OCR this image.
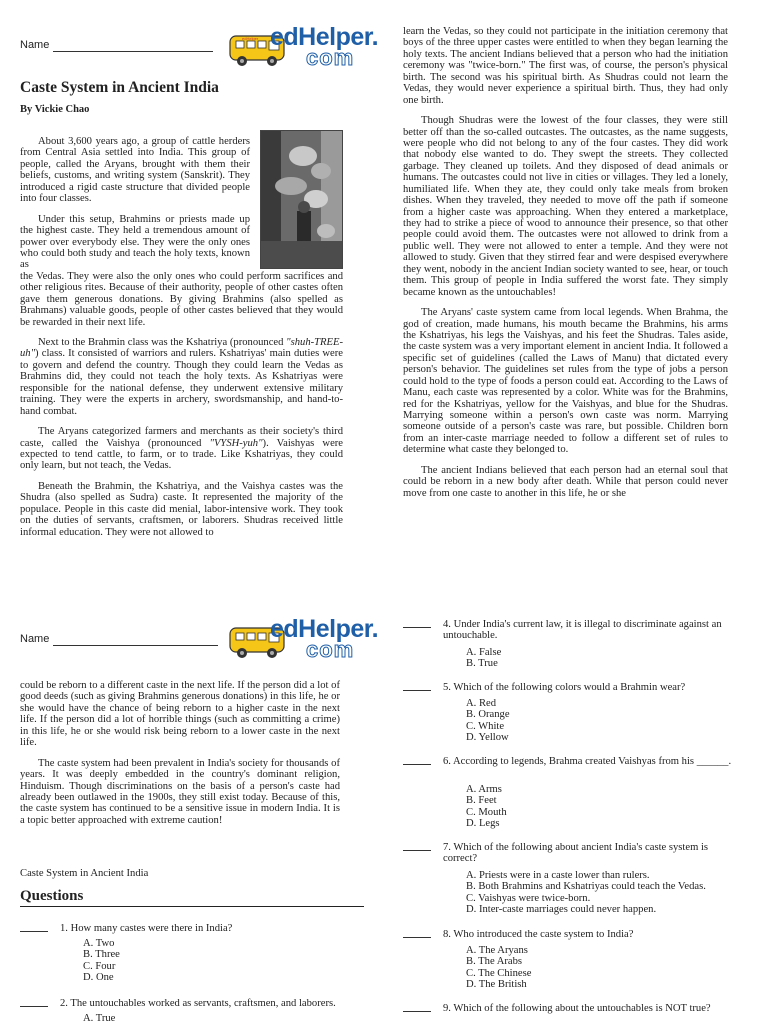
Name
edHelper edHelper.
com
Caste System in Ancient India
By Vickie Chao

About 3,600 years ago, a group of cattle herders from Central Asia settled into India. This group of people, called the Aryans, brought with them their beliefs, customs, and writing system (Sanskrit). They introduced a rigid caste structure that divided people into four classes.

Under this setup, Brahmins or priests made up the highest caste. They held a tremendous amount of power over everybody else. They were the only ones who could both study and teach the holy texts, known as

the Vedas. They were also the only ones who could perform sacrifices and other religious rites. Because of their authority, people of other castes often gave them generous donations. By giving Brahmins (also spelled as Brahmans) valuable goods, people of other castes believed that they would be rewarded in their next life.

Next to the Brahmin class was the Kshatriya (pronounced "shuh-TREE-uh") class. It consisted of warriors and rulers. Kshatriyas' main duties were to govern and defend the country. Though they could learn the Vedas as Brahmins did, they could not teach the holy texts. As Kshatriyas were responsible for the national defense, they underwent extensive military training. They were the experts in archery, swordsmanship, and hand-to-hand combat.

The Aryans categorized farmers and merchants as their society's third caste, called the Vaishya (pronounced "VYSH-yuh"). Vaishyas were expected to tend cattle, to farm, or to trade. Like Kshatriyas, they could only learn, but not teach, the Vedas.

Beneath the Brahmin, the Kshatriya, and the Vaishya castes was the Shudra (also spelled as Sudra) caste. It represented the majority of the populace. People in this caste did menial, labor-intensive work. They took on the duties of servants, craftsmen, or laborers. Shudras received little informal education. They were not allowed to

learn the Vedas, so they could not participate in the initiation ceremony that boys of the three upper castes were entitled to when they began learning the holy texts. The ancient Indians believed that a person who had the initiation ceremony was "twice-born." The first was, of course, the person's physical birth. The second was his spiritual birth. As Shudras could not learn the Vedas, they would never experience a spiritual birth. Thus, they had only one birth.

Though Shudras were the lowest of the four classes, they were still better off than the so-called outcastes. The outcastes, as the name suggests, were people who did not belong to any of the four castes. They did work that nobody else wanted to do. They swept the streets. They collected garbage. They cleaned up toilets. And they disposed of dead animals or humans. The outcastes could not live in cities or villages. They led a lonely, humiliated life. When they ate, they could only take meals from broken dishes. When they traveled, they needed to move off the path if someone from a higher caste was approaching. When they entered a marketplace, they had to strike a piece of wood to announce their presence, so that other people could avoid them. The outcastes were not allowed to drink from a public well. They were not allowed to enter a temple. And they were not allowed to study. Given that they stirred fear and were despised everywhere they went, nobody in the ancient Indian society wanted to see, hear, or touch them. This group of people in India suffered the worst fate. They simply became known as the untouchables!

The Aryans' caste system came from local legends. When Brahma, the god of creation, made humans, his mouth became the Brahmins, his arms the Kshatriyas, his legs the Vaishyas, and his feet the Shudras. Tales aside, the caste system was a very important element in ancient India. It followed a specific set of guidelines (called the Laws of Manu) that dictated every person's behavior. The guidelines set rules from the type of jobs a person could hold to the type of foods a person could eat. According to the Laws of Manu, each caste was represented by a color. White was for the Brahmins, red for the Kshatriyas, yellow for the Vaishyas, and blue for the Shudras. Marrying someone within a person's own caste was norm. Marrying someone outside of a person's caste was rare, but possible. Children born from an inter-caste marriage needed to follow a different set of rules to determine what caste they belonged to.

The ancient Indians believed that each person had an eternal soul that could be reborn in a new body after death. While that person could never move from one caste to another in this life, he or she

Name	edHelper.
com

could be reborn to a different caste in the next life. If the person did a lot of good deeds (such as giving Brahmins generous donations) in this life, he or she would have the chance of being reborn to a higher caste in the next life. If the person did a lot of horrible things (such as committing a crime) in this life, he or she would risk being reborn to a lower caste in the next life.

The caste system had been prevalent in India's society for thousands of years. It was deeply embedded in the country's dominant religion, Hinduism. Though discriminations on the basis of a person's caste had already been outlawed in the 1900s, they still exist today. Because of this, the caste system has continued to be a sensitive issue in modern India. It is a topic better approached with extreme caution!

Caste System in Ancient India
Questions
1. How many castes were there in India?
A. Two
B. Three
C. Four
D. One
2. The untouchables worked as servants, craftsmen, and laborers.
A. True
4. Under India's current law, it is illegal to discriminate against an untouchable.
A. False
B. True
5. Which of the following colors would a Brahmin wear?
A. Red
B. Orange
C. White
D. Yellow
6. According to legends, Brahma created Vaishyas from his ______.
A. Arms
B. Feet
C. Mouth
D. Legs
7. Which of the following about ancient India's caste system is correct?
A. Priests were in a caste lower than rulers.
B. Both Brahmins and Kshatriyas could teach the Vedas.
C. Vaishyas were twice-born.
D. Inter-caste marriages could never happen.
8. Who introduced the caste system to India?
A. The Aryans
B. The Arabs
C. The Chinese
D. The British
9. Which of the following about the untouchables is NOT true?
